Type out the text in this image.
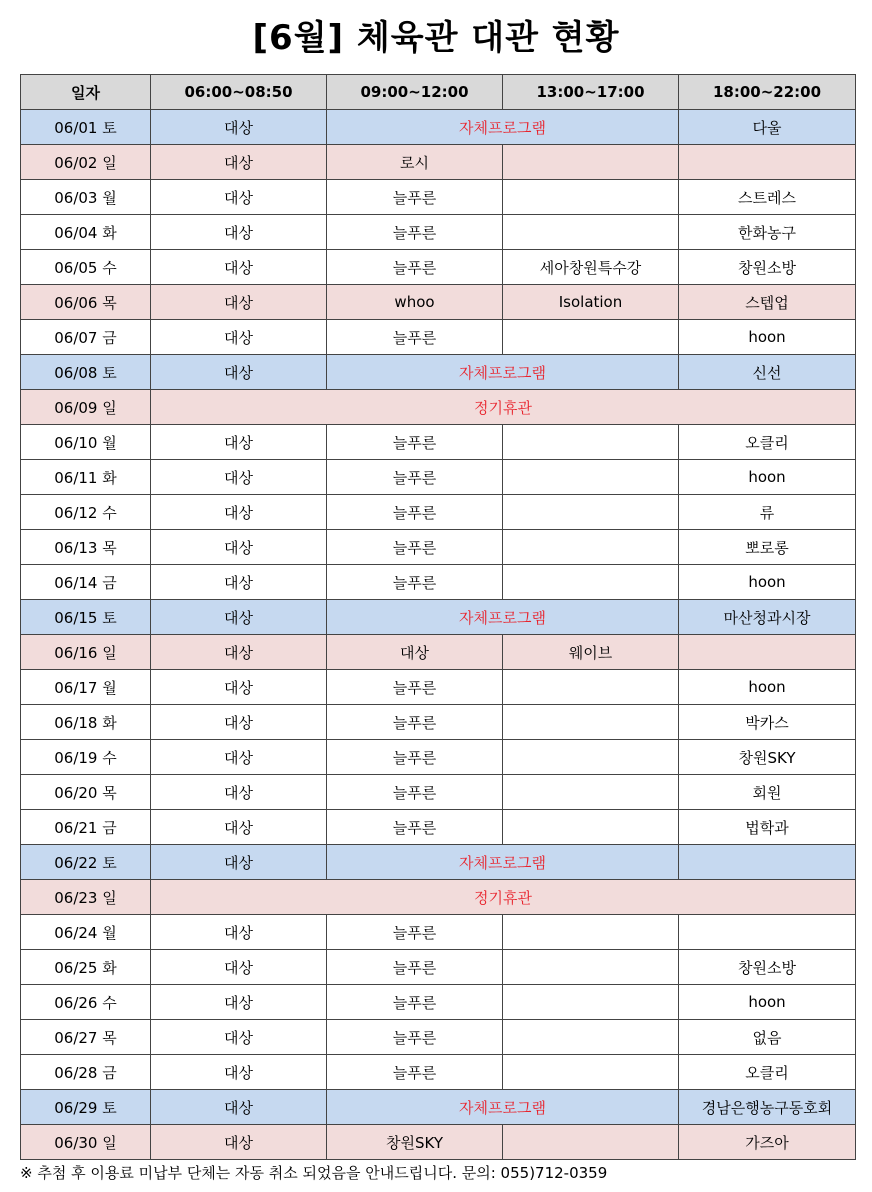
[6월] 체육관 대관 현황
일자	06:00~08:50	09:00~12:00	13:00~17:00	18:00~22:00
06/01 토	대상	자체프로그램		다울
06/02 일	대상	로시		
06/03 월	대상	늘푸른		스트레스
06/04 화	대상	늘푸른		한화농구
06/05 수	대상	늘푸른	세아창원특수강	창원소방
06/06 목	대상	whoo	Isolation	스텝업
06/07 금	대상	늘푸른		hoon
06/08 토	대상	자체프로그램		신선
06/09 일	정기휴관			
06/10 월	대상	늘푸른		오클리
06/11 화	대상	늘푸른		hoon
06/12 수	대상	늘푸른		류
06/13 목	대상	늘푸른		뽀로롱
06/14 금	대상	늘푸른		hoon
06/15 토	대상	자체프로그램		마산청과시장
06/16 일	대상	대상	웨이브	
06/17 월	대상	늘푸른		hoon
06/18 화	대상	늘푸른		박카스
06/19 수	대상	늘푸른		창원SKY
06/20 목	대상	늘푸른		회원
06/21 금	대상	늘푸른		법학과
06/22 토	대상	자체프로그램		
06/23 일	정기휴관			
06/24 월	대상	늘푸른		
06/25 화	대상	늘푸른		창원소방
06/26 수	대상	늘푸른		hoon
06/27 목	대상	늘푸른		없음
06/28 금	대상	늘푸른		오클리
06/29 토	대상	자체프로그램		경남은행농구동호회
06/30 일	대상	창원SKY		가즈아
※ 추첨 후 이용료 미납부 단체는 자동 취소 되었음을 안내드립니다. 문의: 055)712-0359
